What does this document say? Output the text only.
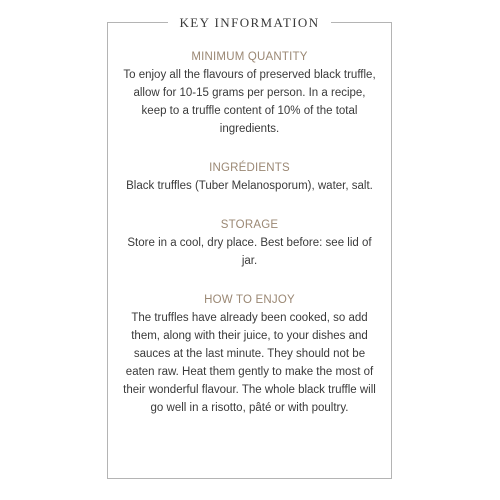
KEY INFORMATION
MINIMUM QUANTITY
To enjoy all the flavours of preserved black truffle, allow for 10-15 grams per person. In a recipe, keep to a truffle content of 10% of the total ingredients.
INGRÉDIENTS
Black truffles (Tuber Melanosporum), water, salt.
STORAGE
Store in a cool, dry place. Best before: see lid of jar.
HOW TO ENJOY
The truffles have already been cooked, so add them, along with their juice, to your dishes and sauces at the last minute. They should not be eaten raw. Heat them gently to make the most of their wonderful flavour. The whole black truffle will go well in a risotto, pâté or with poultry.
